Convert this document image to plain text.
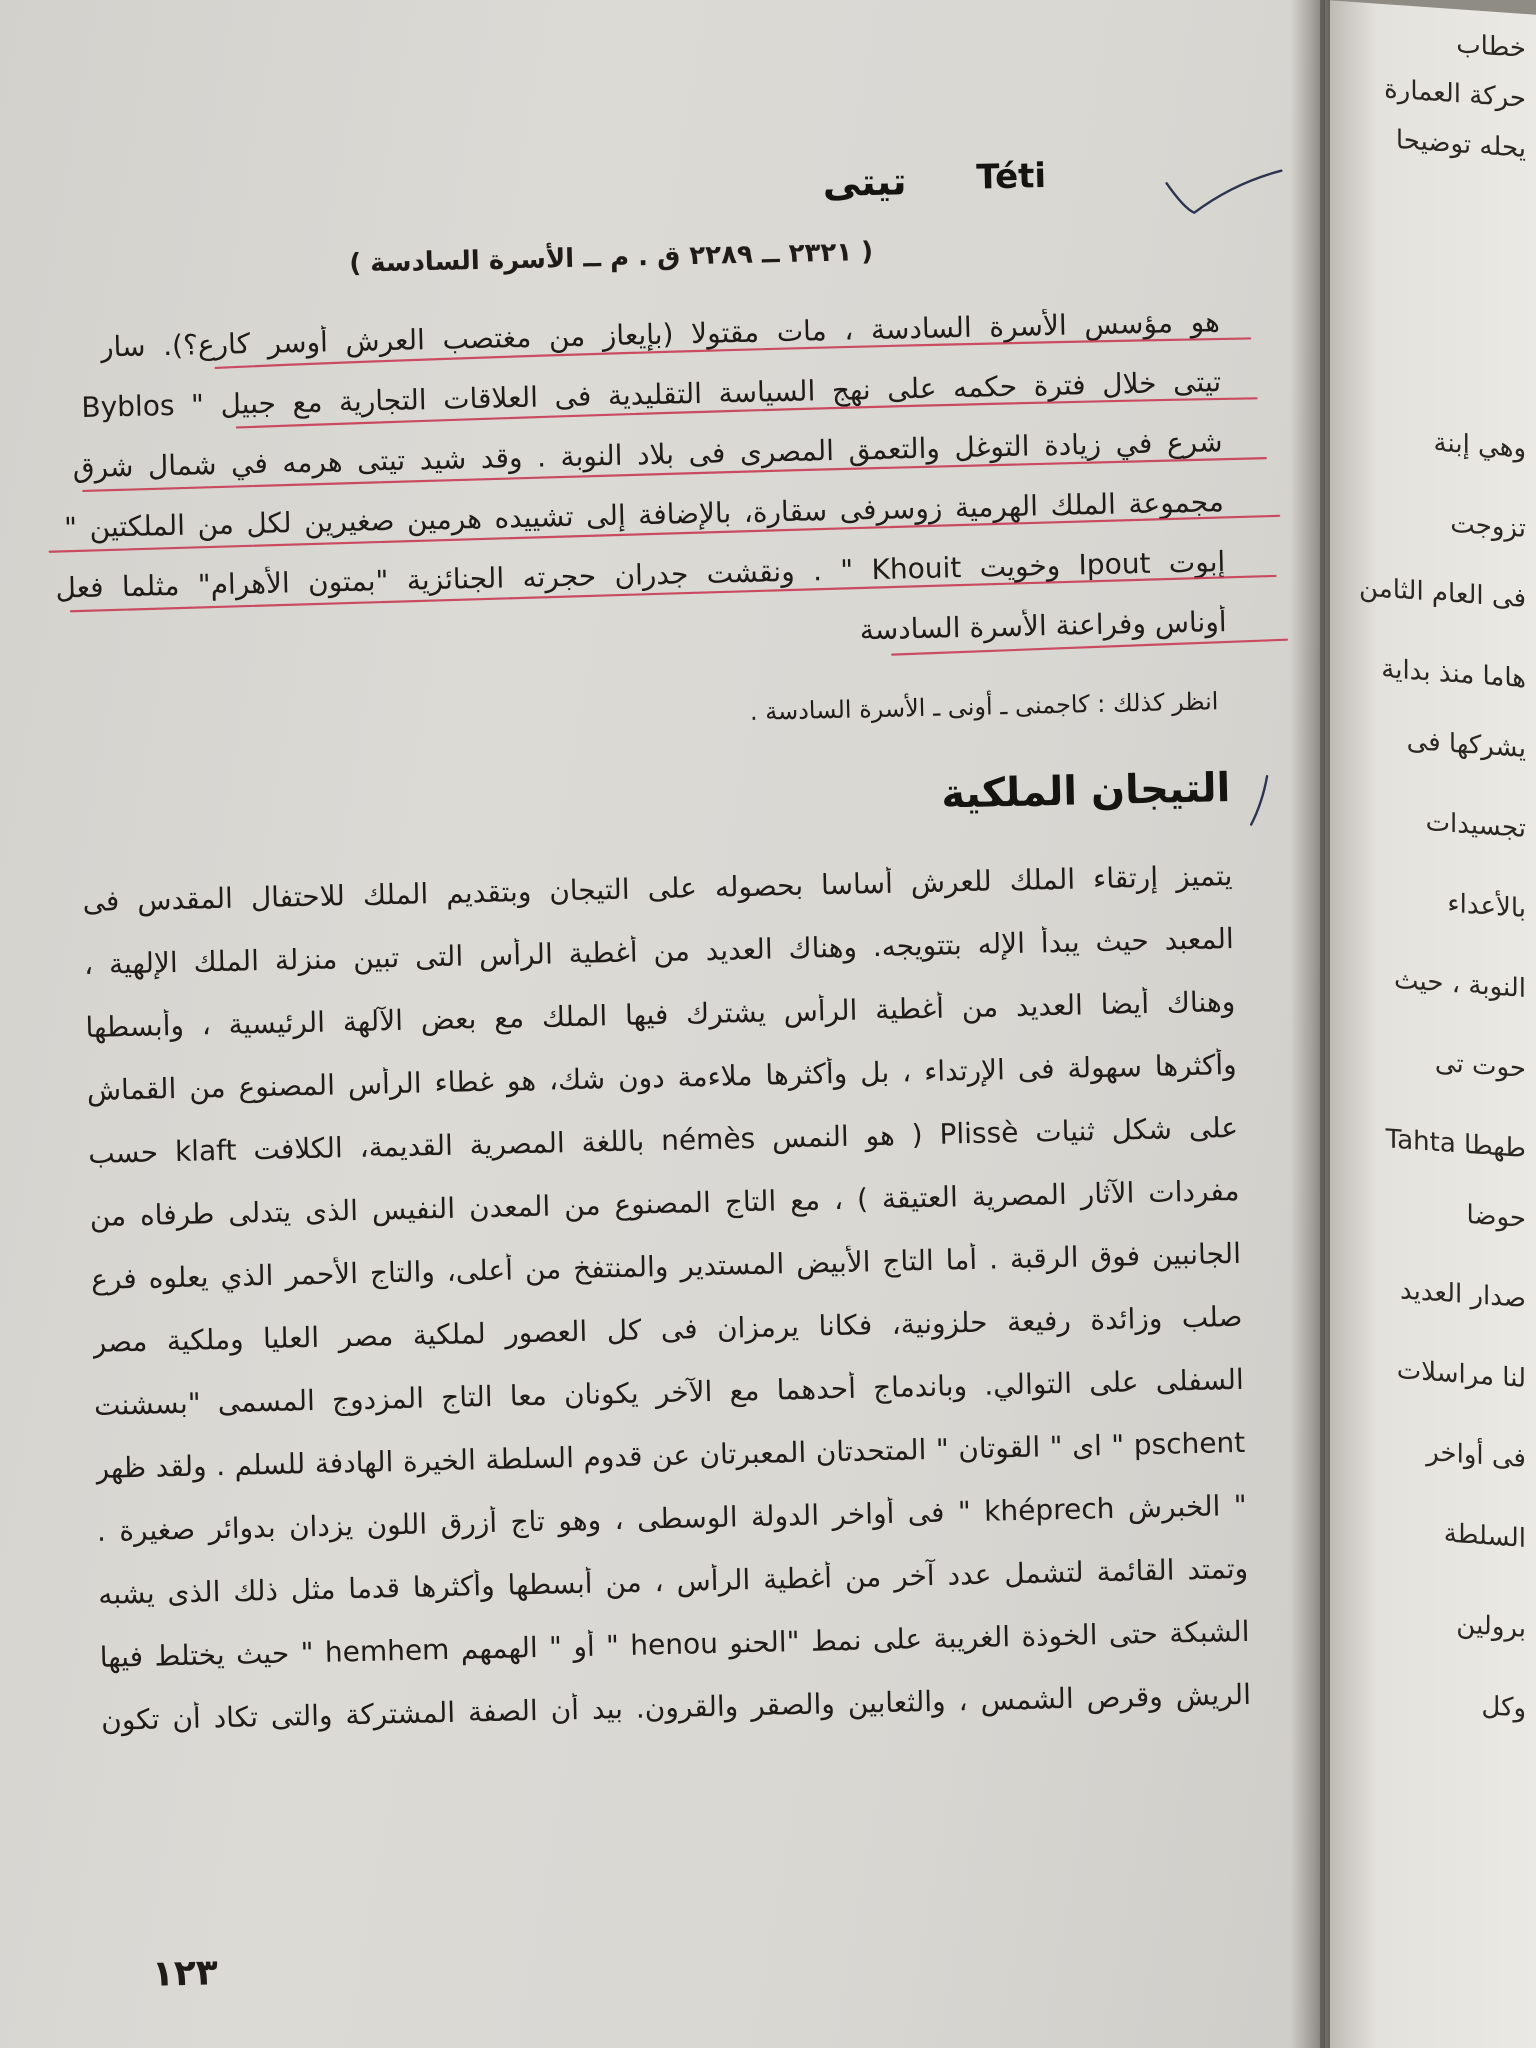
خطاب
حركة العمارة
يحله توضيحا
وهي إبنة
تزوجت
فى العام الثامن
هاما منذ بداية
يشركها فى
تجسيدات
بالأعداء
النوبة ، حيث
حوت تى
طهطا Tahta
حوضا
صدار العديد
لنا مراسلات
فى أواخر
السلطة
برولين
وكل
تيتى Téti
( ٢٣٢١ ــ ٢٢٨٩ ق . م ــ الأسرة السادسة )
هو مؤسس الأسرة السادسة ، مات مقتولا (بإيعاز من مغتصب العرش أوسر كارع؟). سار
تيتى خلال فترة حكمه على نهج السياسة التقليدية فى العلاقات التجارية مع جبيل " Byblos
شرع في زيادة التوغل والتعمق المصرى فى بلاد النوبة . وقد شيد تيتى هرمه في شمال شرق
مجموعة الملك الهرمية زوسرفى سقارة، بالإضافة إلى تشييده هرمين صغيرين لكل من الملكتين "
إبوت Ipout وخويت Khouit " . ونقشت جدران حجرته الجنائزية "بمتون الأهرام" مثلما فعل
أوناس وفراعنة الأسرة السادسة
انظر كذلك : كاجمنى ـ أونى ـ الأسرة السادسة .
التيجان الملكية
يتميز إرتقاء الملك للعرش أساسا بحصوله على التيجان وبتقديم الملك للاحتفال المقدس فى
المعبد حيث يبدأ الإله بتتويجه. وهناك العديد من أغطية الرأس التى تبين منزلة الملك الإلهية ،
وهناك أيضا العديد من أغطية الرأس يشترك فيها الملك مع بعض الآلهة الرئيسية ، وأبسطها
وأكثرها سهولة فى الإرتداء ، بل وأكثرها ملاءمة دون شك، هو غطاء الرأس المصنوع من القماش
على شكل ثنيات Plissè ( هو النمس némès باللغة المصرية القديمة، الكلافت klaft حسب
مفردات الآثار المصرية العتيقة ) ، مع التاج المصنوع من المعدن النفيس الذى يتدلى طرفاه من
الجانبين فوق الرقبة . أما التاج الأبيض المستدير والمنتفخ من أعلى، والتاج الأحمر الذي يعلوه فرع
صلب وزائدة رفيعة حلزونية، فكانا يرمزان فى كل العصور لملكية مصر العليا وملكية مصر
السفلى على التوالي. وباندماج أحدهما مع الآخر يكونان معا التاج المزدوج المسمى "بسشنت
pschent " اى " القوتان " المتحدتان المعبرتان عن قدوم السلطة الخيرة الهادفة للسلم . ولقد ظهر
" الخبرش khéprech " فى أواخر الدولة الوسطى ، وهو تاج أزرق اللون يزدان بدوائر صغيرة .
وتمتد القائمة لتشمل عدد آخر من أغطية الرأس ، من أبسطها وأكثرها قدما مثل ذلك الذى يشبه
الشبكة حتى الخوذة الغريبة على نمط "الحنو henou " أو " الهمهم hemhem " حيث يختلط فيها
الريش وقرص الشمس ، والثعابين والصقر والقرون. بيد أن الصفة المشتركة والتى تكاد أن تكون
١٢٣
